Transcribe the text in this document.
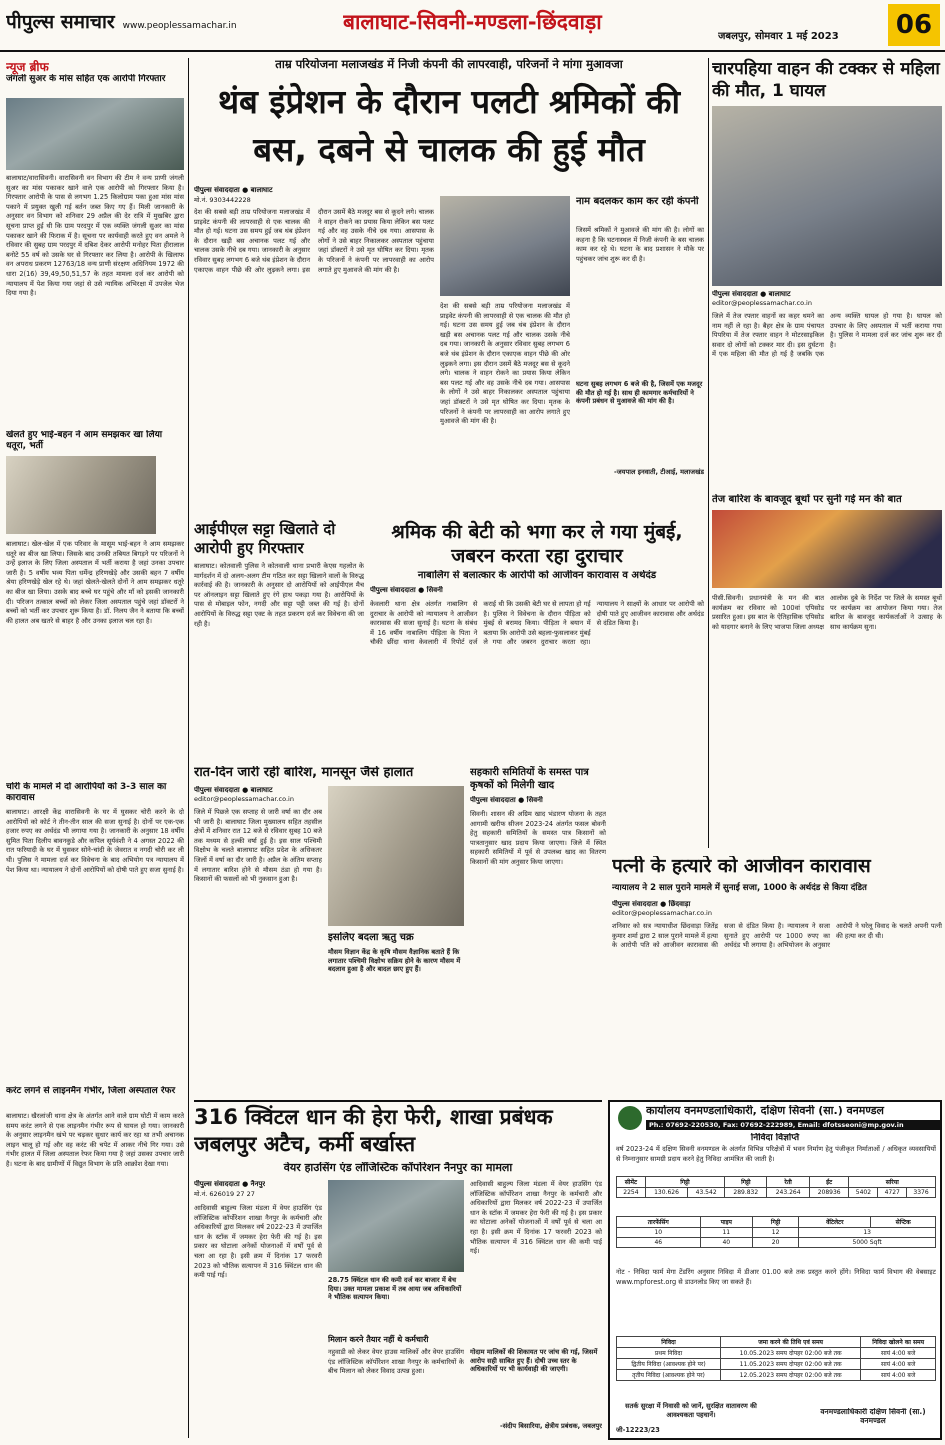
पीपुल्स समाचार www.peoplessamachar.in	बालाघाट-सिवनी-मण्डला-छिंदवाड़ा
जबलपुर, सोमवार 1 मई 2023	06
न्यूज ब्रीफ
जंगली सुअर के मांस सहित एक आरोपी गिरफ्तार
बालाघाट/वारासिवनी। वारासिवनी वन विभाग की टीम ने वन्य प्राणी जंगली सुअर का मांस पकाकर खाने वाले एक आरोपी को गिरफ्तार किया है। गिरफ्तार आरोपी के पास से लगभग 1.25 किलोग्राम पका हुआ मांस मांस पकाने में प्रयुक्त खुली गई बर्तन जब्त किए गए हैं। मिली जानकारी के अनुसार वन विभाग को शनिवार 29 अप्रैल की देर रात्रि में मुखबिर द्वारा सूचना प्राप्त हुई थी कि ग्राम परदपुर में एक व्यक्ति जंगली सुअर का मांस पकाकर खाने की फिराक में है। सूचना पर कार्यवाही करते हुए वन अमले ने रविवार की सुबह ग्राम परदपुर में दबिश देकर आरोपी मनोहर पिता हीरालाल बनोटे 55 वर्ष को उसके घर से गिरफ्तार कर लिया है। आरोपी के खिलाफ वन अपराध प्रकरण 12763/18 वन्य प्राणी संरक्षण अधिनियम 1972 की धारा 2(16) 39,49,50,51,57 के तहत मामला दर्ज कर आरोपी को न्यायालय में पेश किया गया जहां से उसे न्यायिक अभिरक्षा में उपजेल भेज दिया गया है।
खेलते हुए भाई-बहन ने आम समझकर खा लिया धतूरा, भर्ती
बालाघाट। खेल-खेल में एक परिवार के मासूम भाई-बहन ने आम समझकर धतूरे का बीज खा लिया। जिसके बाद उनकी तबियत बिगड़ने पर परिजनों ने उन्हें इलाज के लिए जिला अस्पताल में भर्ती कराया है जहां उनका उपचार जारी है। 5 वर्षीय भव्य पिता धर्मेन्द्र हरिणखेड़े और उसकी बहन 7 वर्षीय श्रेया हरिणखेड़े खेल रहे थे। जहां खेलते-खेलते दोनों ने आम समझकर धतूरे का बीज खा लिया। उसके बाद बच्चे घर पहुंचे और माँ को इसकी जानकारी दी। परिजन तत्काल बच्चों को लेकर जिला अस्पताल पहुंचे जहां डॉक्टरों ने बच्चों को भर्ती कर उपचार शुरू किया है। डॉ. निलय जैन ने बताया कि बच्चों की हालत अब खतरे से बाहर है और उनका इलाज चल रहा है।
चोरी के मामले में दो आरोपियों को 3-3 साल का कारावास
बालाघाट। आरक्षी केंद्र वारासिवनी के घर में घुसकर चोरी करने के दो आरोपियों को कोर्ट ने तीन-तीन साल की सजा सुनाई है। दोनों पर एक-एक हजार रुपए का अर्थदंड भी लगाया गया है। जानकारी के अनुसार 18 वर्षीय सुमित पिता दिलीप बावनकुडे और कपिल सूर्यवंशी ने 4 अगस्त 2022 की रात फरियादी के घर में घुसकर सोने-चांदी के जेवरात व नगदी चोरी कर ली थी। पुलिस ने मामला दर्ज कर विवेचना के बाद अभियोग पत्र न्यायालय में पेश किया था। न्यायालय ने दोनों आरोपियों को दोषी पाते हुए सजा सुनाई है।
करंट लगने से लाइनमैन गंभीर, जिला अस्पताल रेफर
बालाघाट। खैरलांजी थाना क्षेत्र के अंतर्गत आने वाले ग्राम घोटी में काम करते समय करंट लगने से एक लाइनमैन गंभीर रूप से घायल हो गया। जानकारी के अनुसार लाइनमैन खंभे पर चढ़कर सुधार कार्य कर रहा था तभी अचानक लाइन चालू हो गई और वह करंट की चपेट में आकर नीचे गिर गया। उसे गंभीर हालत में जिला अस्पताल रेफर किया गया है जहां उसका उपचार जारी है। घटना के बाद ग्रामीणों में विद्युत विभाग के प्रति आक्रोश देखा गया।
ताम्र परियोजना मलाजखंड में निजी कंपनी की लापरवाही, परिजनों ने मांगा मुआवजा
थंब इंप्रेशन के दौरान पलटी श्रमिकों की बस, दबने से चालक की हुई मौत
पीपुल्स संवाददाता ● बालाघाट
मो.नं. 9303442228
देश की सबसे बड़ी ताम्र परियोजना मलाजखंड में प्राइवेट कंपनी की लापरवाही से एक चालक की मौत हो गई। घटना उस समय हुई जब थंब इंप्रेशन के दौरान खड़ी बस अचानक पलट गई और चालक उसके नीचे दब गया। जानकारी के अनुसार रविवार सुबह लगभग 6 बजे थंब इंप्रेशन के दौरान एकाएक वाहन पीछे की ओर लुढ़कने लगा। इस दौरान उसमें बैठे मजदूर बस से कूदने लगे। चालक ने वाहन रोकने का प्रयास किया लेकिन बस पलट गई और वह उसके नीचे दब गया। आसपास के लोगों ने उसे बाहर निकालकर अस्पताल पहुंचाया जहां डॉक्टरों ने उसे मृत घोषित कर दिया। मृतक के परिजनों ने कंपनी पर लापरवाही का आरोप लगाते हुए मुआवजे की मांग की है।
देश की सबसे बड़ी ताम्र परियोजना मलाजखंड में प्राइवेट कंपनी की लापरवाही से एक चालक की मौत हो गई। घटना उस समय हुई जब थंब इंप्रेशन के दौरान खड़ी बस अचानक पलट गई और चालक उसके नीचे दब गया। जानकारी के अनुसार रविवार सुबह लगभग 6 बजे थंब इंप्रेशन के दौरान एकाएक वाहन पीछे की ओर लुढ़कने लगा। इस दौरान उसमें बैठे मजदूर बस से कूदने लगे। चालक ने वाहन रोकने का प्रयास किया लेकिन बस पलट गई और वह उसके नीचे दब गया। आसपास के लोगों ने उसे बाहर निकालकर अस्पताल पहुंचाया जहां डॉक्टरों ने उसे मृत घोषित कर दिया। मृतक के परिजनों ने कंपनी पर लापरवाही का आरोप लगाते हुए मुआवजे की मांग की है।
नाम बदलकर काम कर रही कंपनी
जिसमें श्रमिकों ने मुआवजे की मांग की है। लोगों का कहना है कि घटनास्थल में निजी कंपनी के बस चालक काम कर रहे थे। घटना के बाद प्रशासन ने मौके पर पहुंचकर जांच शुरू कर दी है।
घटना सुबह लगभग 6 बजे की है, जिसमें एक मजदूर की मौत हो गई है। साथ ही कामगार कर्मचारियों ने कंपनी प्रबंधन से मुआवजे की मांग की है।
-जयपाल इनवाती, टीआई, मलाजखंड
आईपीएल सट्टा खिलाते दो आरोपी हुए गिरफ्तार
बालाघाट। कोतवाली पुलिस ने कोतवाली थाना प्रभारी केएस गहलोत के मार्गदर्शन में दो अलग-अलग टीम गठित कर सट्टा खिलाने वालों के विरुद्ध कार्रवाई की है। जानकारी के अनुसार दो आरोपियों को आईपीएल मैच पर ऑनलाइन सट्टा खिलाते हुए रंगे हाथ पकड़ा गया है। आरोपियों के पास से मोबाइल फोन, नगदी और सट्टा पट्टी जब्त की गई है। दोनों आरोपियों के विरुद्ध सट्टा एक्ट के तहत प्रकरण दर्ज कर विवेचना की जा रही है।
श्रमिक की बेटी को भगा कर ले गया मुंबई, जबरन करता रहा दुराचार
नाबालिग से बलात्कार के आरोपी को आजीवन कारावास व अर्थदंड
पीपुल्स संवाददाता ● सिवनी
केवलारी थाना क्षेत्र अंतर्गत नाबालिग से दुराचार के आरोपी को न्यायालय ने आजीवन कारावास की सजा सुनाई है। घटना के संबंध में 16 वर्षीय नाबालिग पीड़िता के पिता ने चौकी छींदा थाना केवलारी में रिपोर्ट दर्ज कराई थी कि उसकी बेटी घर से लापता हो गई है। पुलिस ने विवेचना के दौरान पीड़िता को मुंबई से बरामद किया। पीड़िता ने बयान में बताया कि आरोपी उसे बहला-फुसलाकर मुंबई ले गया और जबरन दुराचार करता रहा। न्यायालय ने साक्ष्यों के आधार पर आरोपी को दोषी पाते हुए आजीवन कारावास और अर्थदंड से दंडित किया है।
रात-दिन जारी रही बारिश, मानसून जैसे हालात
पीपुल्स संवाददाता ● बालाघाट
editor@peoplessamachar.co.in
जिले में पिछले एक सप्ताह से जारी वर्षा का दौर अब भी जारी है। बालाघाट जिला मुख्यालय सहित तहसील क्षेत्रों में शनिवार रात 12 बजे से रविवार सुबह 10 बजे तक मध्यम से हल्की वर्षा हुई है। इस साल पश्चिमी विक्षोभ के चलते बालाघाट सहित प्रदेश के अधिकतर जिलों में वर्षा का दौर जारी है। अप्रैल के अंतिम सप्ताह में लगातार बारिश होने से मौसम ठंडा हो गया है। किसानों की फसलों को भी नुकसान हुआ है।
इसलिए बदला ऋतु चक्र
मौसम विज्ञान केंद्र के कृषि मौसम वैज्ञानिक बताते हैं कि लगातार पश्चिमी विक्षोभ सक्रिय होने के कारण मौसम में बदलाव हुआ है और बादल छाए हुए हैं।
सहकारी समितियों के समस्त पात्र कृषकों को मिलेगी खाद
पीपुल्स संवाददाता ● सिवनी
सिवनी। शासन की अग्रिम खाद भंडारण योजना के तहत आगामी खरीफ सीजन 2023-24 अंतर्गत फसल बोवनी हेतु सहकारी समितियों के समस्त पात्र किसानों को पात्रतानुसार खाद प्रदाय किया जाएगा। जिले में स्थित सहकारी समितियों में पूर्व से उपलब्ध खाद का वितरण किसानों की मांग अनुसार किया जाएगा।	पत्नी के हत्यारे को आजीवन कारावास
न्यायालय ने 2 साल पुराने मामले में सुनाई सजा, 1000 के अर्थदंड से किया दंडित
पीपुल्स संवाददाता ● छिंदवाड़ा
editor@peoplessamachar.co.in
शनिवार को सत्र न्यायाधीश छिंदवाड़ा जितेंद्र कुमार शर्मा द्वारा 2 साल पुराने मामले में हत्या के आरोपी पति को आजीवन कारावास की सजा से दंडित किया है। न्यायालय ने सजा सुनाते हुए आरोपी पर 1000 रुपए का अर्थदंड भी लगाया है। अभियोजन के अनुसार आरोपी ने घरेलू विवाद के चलते अपनी पत्नी की हत्या कर दी थी।
चारपहिया वाहन की टक्कर से महिला की मौत, 1 घायल
पीपुल्स संवाददाता ● बालाघाट
editor@peoplessamachar.co.in
जिले में तेज रफ्तार वाहनों का कहर थमने का नाम नहीं ले रहा है। बैहर क्षेत्र के ग्राम पंचायत पिपरिया में तेज रफ्तार वाहन ने मोटरसाइकिल सवार दो लोगों को टक्कर मार दी। इस दुर्घटना में एक महिला की मौत हो गई है जबकि एक अन्य व्यक्ति घायल हो गया है। घायल को उपचार के लिए अस्पताल में भर्ती कराया गया है। पुलिस ने मामला दर्ज कर जांच शुरू कर दी है।
तेज बारिश के बावजूद बूथों पर सुनी गई मन की बात
पीसी.सिवनी। प्रधानमंत्री के मन की बात कार्यक्रम का रविवार को 100वां एपिसोड प्रसारित हुआ। इस बात के ऐतिहासिक एपिसोड को यादगार बनाने के लिए भाजपा जिला अध्यक्ष आलोक दुबे के निर्देश पर जिले के समस्त बूथों पर कार्यक्रम का आयोजन किया गया। तेज बारिश के बावजूद कार्यकर्ताओं ने उत्साह के साथ कार्यक्रम सुना।
316 क्विंटल धान की हेरा फेरी, शाखा प्रबंधक जबलपुर अटैच, कर्मी बर्खास्त
वेयर हाउसिंग एंड लॉजिस्टिक कॉर्पोरेशन नैनपुर का मामला
पीपुल्स संवाददाता ● नैनपुर
मो.नं. 626019 27 27
आदिवासी बाहुल्य जिला मंडला में वेयर हाउसिंग एंड लॉजिस्टिक कॉर्पोरेशन शाखा नैनपुर के कर्मचारी और अधिकारियों द्वारा मिलकर वर्ष 2022-23 में उपार्जित धान के स्टॉक में जमकर हेरा फेरी की गई है। इस प्रकार का घोटाला अनेकों योजनाओं में वर्षों पूर्व से चला आ रहा है। इसी क्रम में दिनांक 17 फरवरी 2023 को भौतिक सत्यापन में 316 क्विंटल धान की कमी पाई गई।
28.75 क्विंटल धान की कमी दर्ज कर बाजार में बेच दिया। उक्त मामला प्रकाश में तब आया जब अधिकारियों ने भौतिक सत्यापन किया।
मिलान करने तैयार नहीं थे कर्मचारी
नहुवाडी को लेकर वेयर हाउस मालिकों और वेयर हाउसिंग एंड लॉजिस्टिक कॉर्पोरेशन शाखा नैनपुर के कर्मचारियों के बीच मिलान को लेकर विवाद उत्पन्न हुआ।
आदिवासी बाहुल्य जिला मंडला में वेयर हाउसिंग एंड लॉजिस्टिक कॉर्पोरेशन शाखा नैनपुर के कर्मचारी और अधिकारियों द्वारा मिलकर वर्ष 2022-23 में उपार्जित धान के स्टॉक में जमकर हेरा फेरी की गई है। इस प्रकार का घोटाला अनेकों योजनाओं में वर्षों पूर्व से चला आ रहा है। इसी क्रम में दिनांक 17 फरवरी 2023 को भौतिक सत्यापन में 316 क्विंटल धान की कमी पाई गई।
गोदाम मालिकों की शिकायत पर जांच की गई, जिसमें आरोप सही साबित हुए हैं। दोषी उच्च स्तर के अधिकारियों पर भी कार्यवाही की जाएगी।
-संदीप बिसारिया, क्षेत्रीय प्रबंधक, जबलपुर
कार्यालय वनमण्डलाधिकारी, दक्षिण सिवनी (सा.) वनमण्डल
Ph.: 07692-220530, Fax: 07692-222989, Email: dfotsseoni@mp.gov.in
निविदा विज्ञप्ति
वर्ष 2023-24 में दक्षिण सिवनी वनमण्डल के अंतर्गत विभिन्न परिक्षेत्रों में भवन निर्माण हेतु पंजीकृत निर्माताओं / अधिकृत व्यवसायियों से निम्नानुसार सामग्री प्रदाय करने हेतु निविदा आमंत्रित की जाती है।
सीमेंट	गिट्टी		गिट्टी	रेती	ईंट	सरिया		
2254	130.626	43.542	289.832	243.264	208936	5402	4727	3376
तारफेंसिंग	पाइप	गिट्टी	वेंटिलेटर	सेप्टिक
10	11	12	13	
46	40	20	5000 Sqft	
नोट - निविदा फार्म मेगा टेंडरिंग अनुसार निविदा में डीआर 01.00 बजे तक प्रस्तुत करने होंगे। निविदा फार्म विभाग की वेबसाइट www.mpforest.org से डाउनलोड किए जा सकते हैं।
निविदा	जमा करने की तिथि एवं समय	निविदा खोलने का समय
प्रथम निविदा	10.05.2023 समय दोपहर 02:00 बजे तक	सायं 4:00 बजे
द्वितीय निविदा (आवश्यक होने पर)	11.05.2023 समय दोपहर 02:00 बजे तक	सायं 4:00 बजे
तृतीय निविदा (आवश्यक होने पर)	12.05.2023 समय दोपहर 02:00 बजे तक	सायं 4:00 बजे
सतर्क सुरक्षा में निवासी को जानें, सुरक्षित वातावरण की आवश्यकता पहचानें।
जी-12223/23
वनमण्डलाधिकारी दक्षिण सिवनी (सा.) वनमण्डल
